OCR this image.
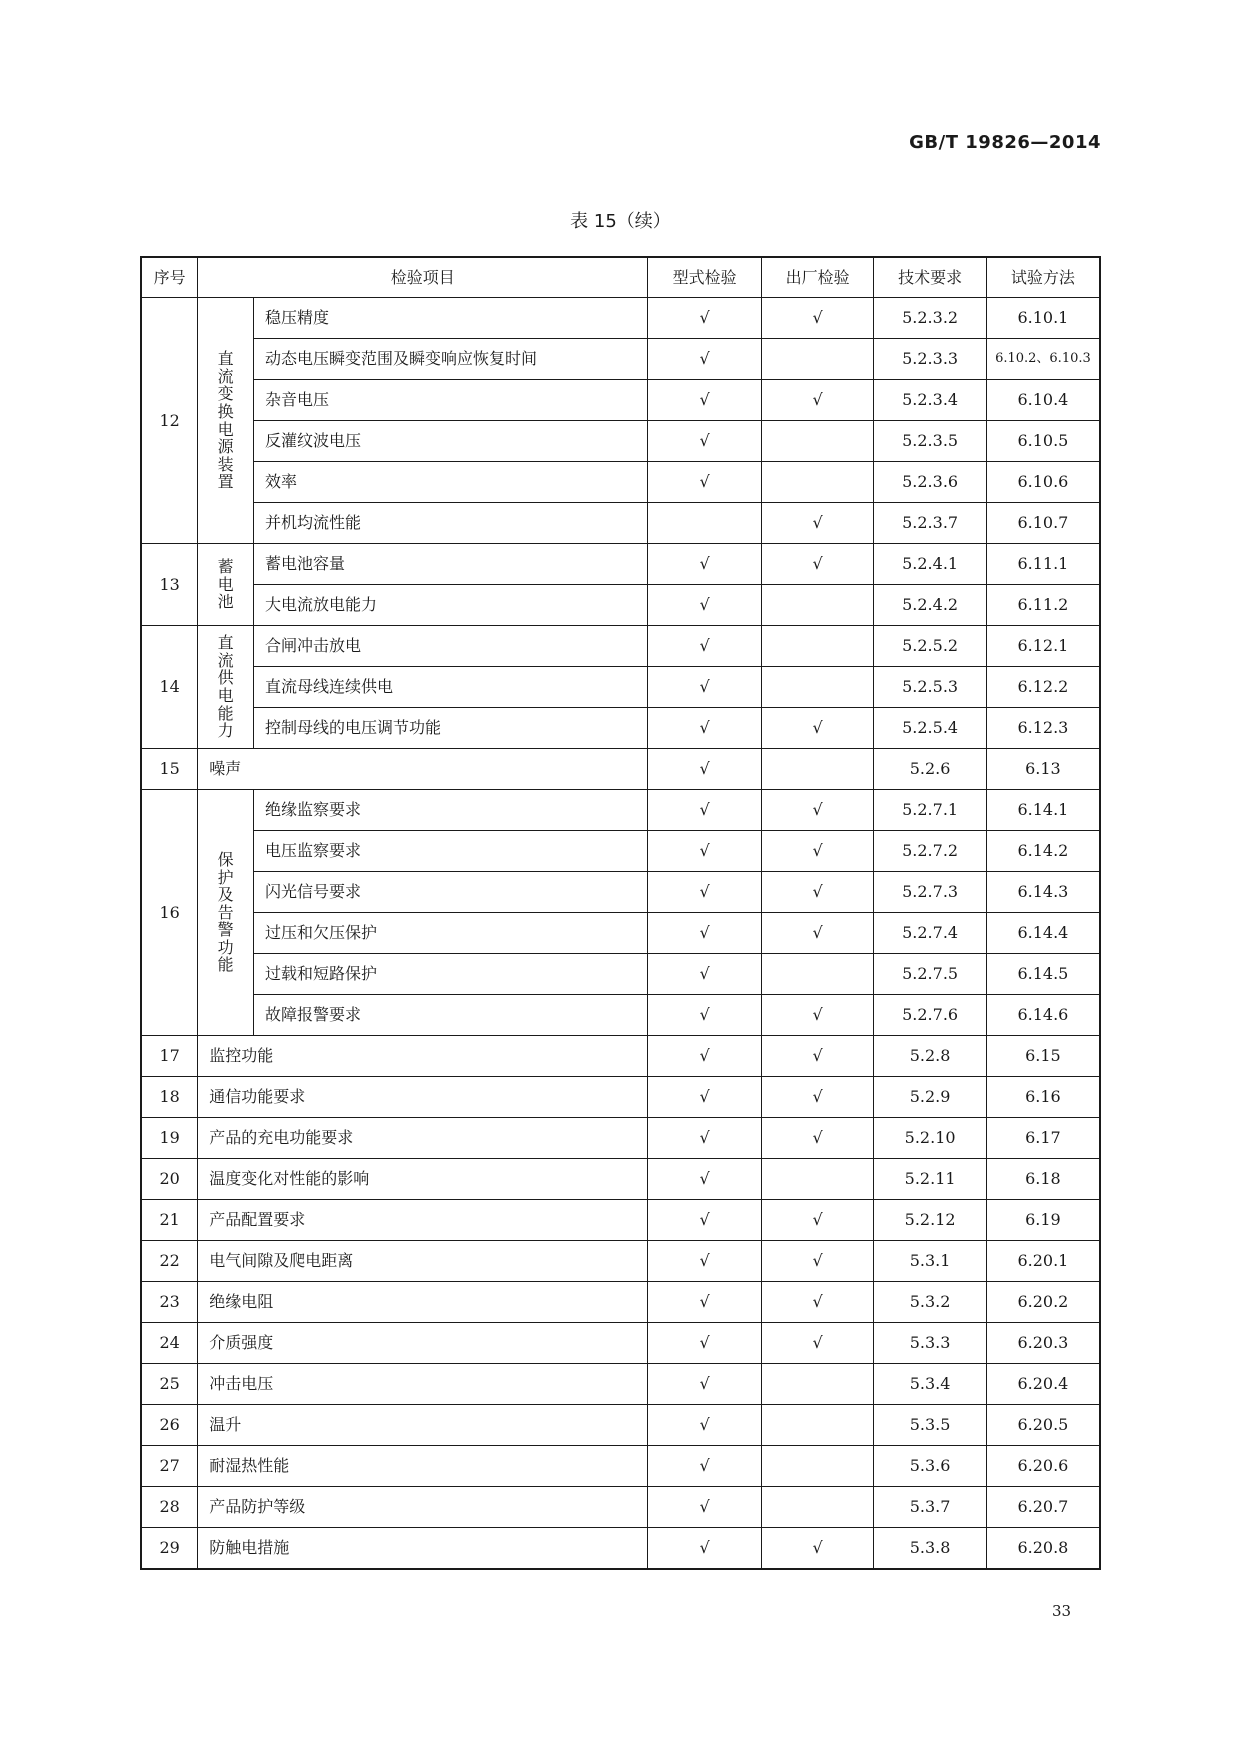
GB/T 19826—2014
表 15（续）
序号	检验项目		型式检验	出厂检验	技术要求	试验方法
12	直流变换电源装置	稳压精度	√	√	5.2.3.2	6.10.1
		动态电压瞬变范围及瞬变响应恢复时间	√		5.2.3.3	6.10.2、6.10.3
		杂音电压	√	√	5.2.3.4	6.10.4
		反灌纹波电压	√		5.2.3.5	6.10.5
		效率	√		5.2.3.6	6.10.6
		并机均流性能		√	5.2.3.7	6.10.7
13	蓄电池	蓄电池容量	√	√	5.2.4.1	6.11.1
		大电流放电能力	√		5.2.4.2	6.11.2
14	直流供电能力	合闸冲击放电	√		5.2.5.2	6.12.1
		直流母线连续供电	√		5.2.5.3	6.12.2
		控制母线的电压调节功能	√	√	5.2.5.4	6.12.3
15	噪声		√		5.2.6	6.13
16	保护及告警功能	绝缘监察要求	√	√	5.2.7.1	6.14.1
		电压监察要求	√	√	5.2.7.2	6.14.2
		闪光信号要求	√	√	5.2.7.3	6.14.3
		过压和欠压保护	√	√	5.2.7.4	6.14.4
		过载和短路保护	√		5.2.7.5	6.14.5
		故障报警要求	√	√	5.2.7.6	6.14.6
17	监控功能		√	√	5.2.8	6.15
18	通信功能要求		√	√	5.2.9	6.16
19	产品的充电功能要求		√	√	5.2.10	6.17
20	温度变化对性能的影响		√		5.2.11	6.18
21	产品配置要求		√	√	5.2.12	6.19
22	电气间隙及爬电距离		√	√	5.3.1	6.20.1
23	绝缘电阻		√	√	5.3.2	6.20.2
24	介质强度		√	√	5.3.3	6.20.3
25	冲击电压		√		5.3.4	6.20.4
26	温升		√		5.3.5	6.20.5
27	耐湿热性能		√		5.3.6	6.20.6
28	产品防护等级		√		5.3.7	6.20.7
29	防触电措施		√	√	5.3.8	6.20.8
33
